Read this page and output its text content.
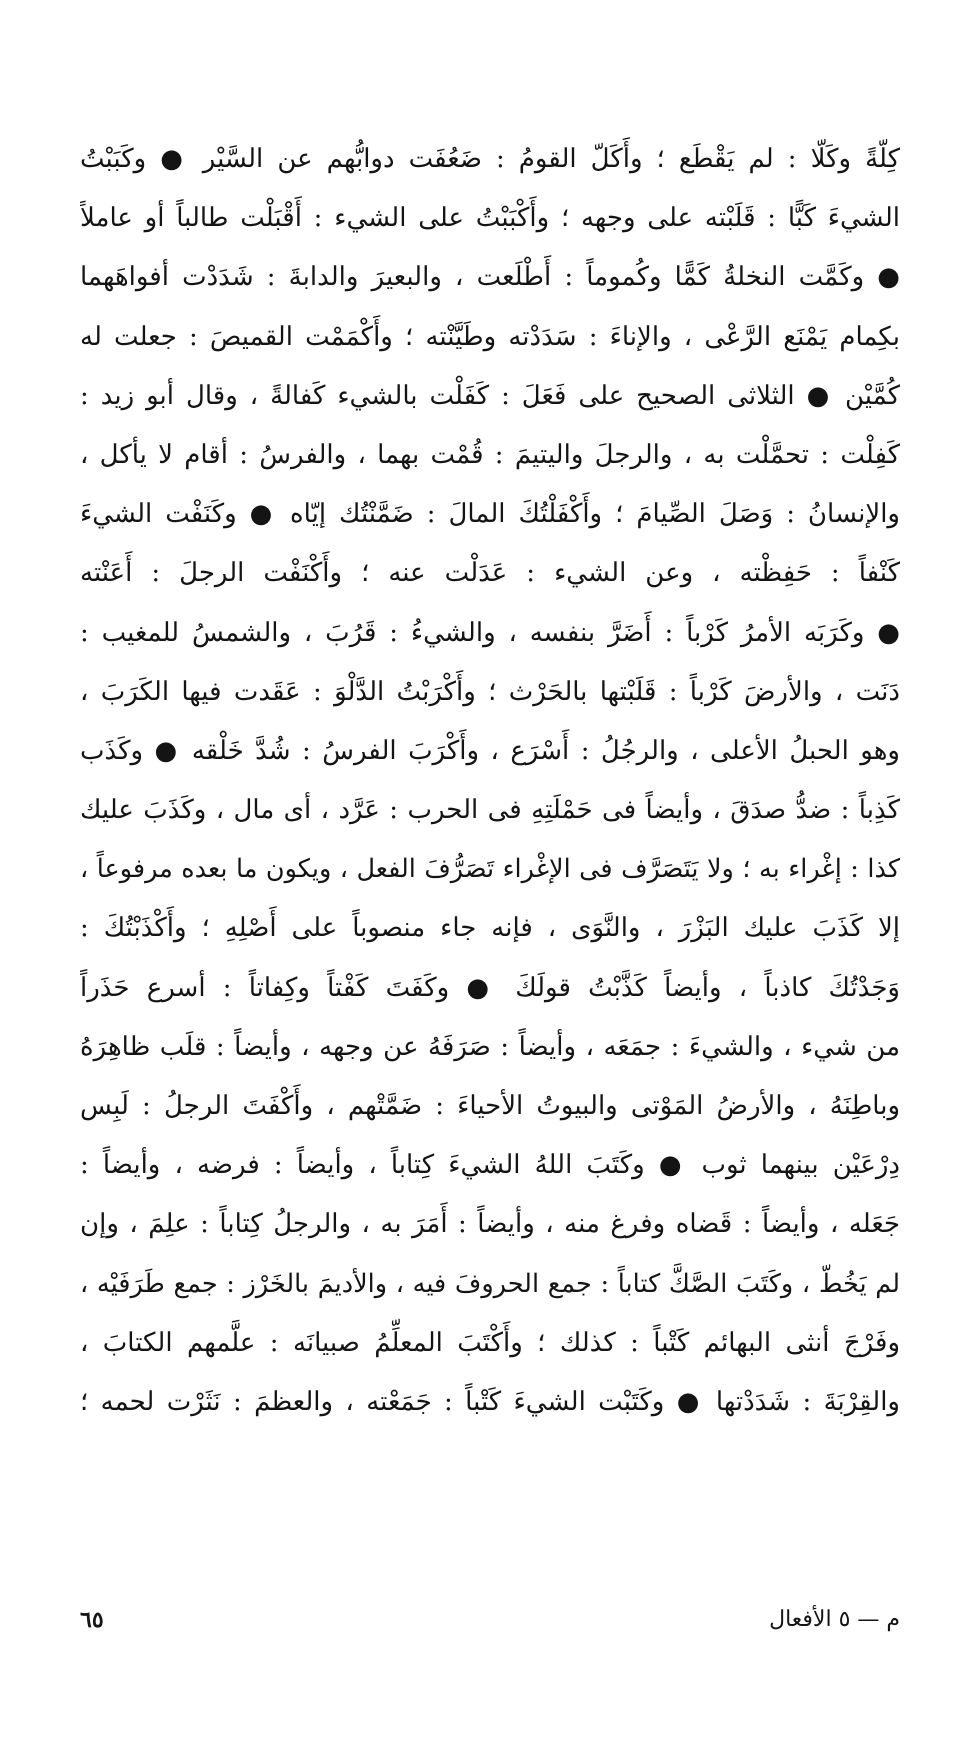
كِلّةً وكَلّا : لم يَقْطَع ؛ وأَكَلّ القومُ : ضَعُفَت دوابُّهم عن السَّيْر ● وكَبَبْتُ
الشيءَ كَبًّا : قَلَبْته على وجهه ؛ وأَكْبَبْتُ على الشيء : أَقْبَلْت طالباً أو عاملاً
● وكَمَّت النخلةُ كَمًّا وكُموماً : أَطْلَعت ، والبعيرَ والدابةَ : شَدَدْت أفواهَهما
بكِمام يَمْنَع الرَّعْى ، والإناءَ : سَدَدْته وطَيَّنْته ؛ وأَكْمَمْت القميصَ : جعلت له
كُمَّيْن ● الثلاثى الصحيح على فَعَلَ : كَفَلْت بالشيء كَفالةً ، وقال أبو زيد :
كَفِلْت : تحمَّلْت به ، والرجلَ واليتيمَ : قُمْت بهما ، والفرسُ : أقام لا يأكل ،
والإنسانُ : وَصَلَ الصِّيامَ ؛ وأَكْفَلْتُكَ المالَ : ضَمَّنْتُك إيّاه ● وكَنَفْت الشيءَ
كَنْفاً : حَفِظْته ، وعن الشيء : عَدَلْت عنه ؛ وأَكْنَفْت الرجلَ : أَعَنْته
● وكَرَبَه الأمرُ كَرْباً : أَضَرَّ بنفسه ، والشيءُ : قَرُبَ ، والشمسُ للمغيب :
دَنَت ، والأرضَ كَرْباً : قَلَبْتها بالحَرْث ؛ وأَكْرَبْتُ الدَّلْوَ : عَقَدت فيها الكَرَبَ ،
وهو الحبلُ الأعلى ، والرجُلُ : أَسْرَع ، وأَكْرَبَ الفرسُ : شُدَّ خَلْقه ● وكَذَب
كَذِباً : ضدُّ صدَقَ ، وأيضاً فى حَمْلَتِهِ فى الحرب : عَرَّد ، أى مال ، وكَذَبَ عليك
كذا : إغْراء به ؛ ولا يَتَصَرَّف فى الإغْراء تَصَرُّفَ الفعل ، ويكون ما بعده مرفوعاً ،
إلا كَذَبَ عليك البَزْرَ ، والنَّوَى ، فإنه جاء منصوباً على أَصْلِهِ ؛ وأَكْذَبْتُكَ :
وَجَدْتُكَ كاذباً ، وأيضاً كَذَّبْتُ قولَكَ ● وكَفَتَ كَفْتاً وكِفاتاً : أسرع حَذَراً
من شيء ، والشيءَ : جمَعَه ، وأيضاً : صَرَفَهُ عن وجهه ، وأيضاً : قلَب ظاهِرَهُ
وباطِنَهُ ، والأرضُ المَوْتى والبيوتُ الأحياءَ : ضَمَّتْهم ، وأَكْفَتَ الرجلُ : لَبِس
دِرْعَيْن بينهما ثوب ● وكَتَبَ اللهُ الشيءَ كِتاباً ، وأيضاً : فرضه ، وأيضاً :
جَعَله ، وأيضاً : قَضاه وفرغ منه ، وأيضاً : أَمَرَ به ، والرجلُ كِتاباً : علِمَ ، وإن
لم يَخُطّ ، وكَتَبَ الصَّكَّ كتاباً : جمع الحروفَ فيه ، والأديمَ بالخَرْز : جمع طَرَفَيْه ،
وفَرْجَ أنثى البهائم كَتْباً : كذلك ؛ وأَكْتَبَ المعلِّمُ صبيانَه : علَّمهم الكتابَ ،
والقِرْبَةَ : شَدَدْتها ● وكَتَبْت الشيءَ كَتْباً : جَمَعْته ، والعظمَ : نَثَرْت لحمه ؛
م — ٥ الأفعال
٦٥
